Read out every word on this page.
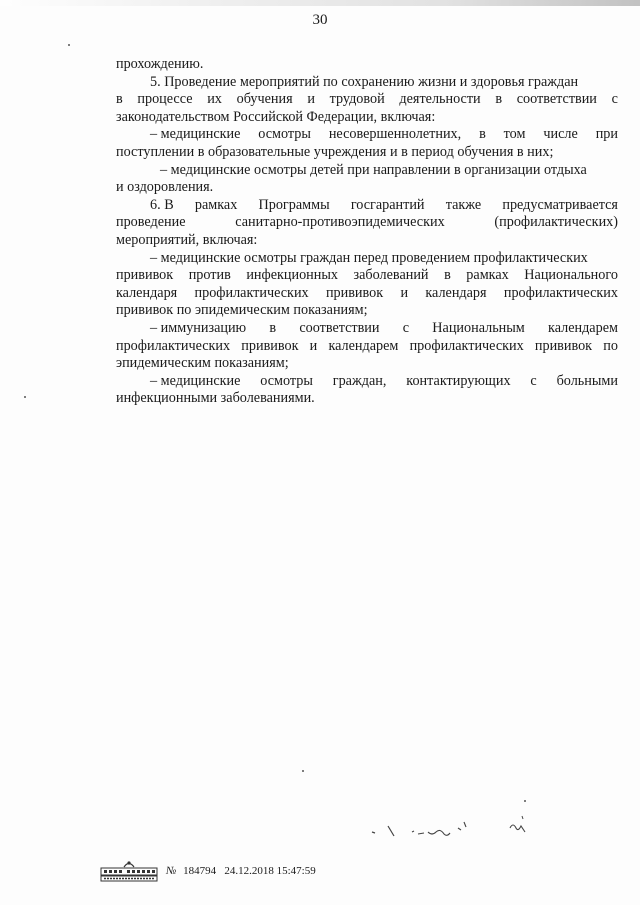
30
прохождению.
5. Проведение мероприятий по сохранению жизни и здоровья граждан
в процессе их обучения и трудовой деятельности в соответствии с
законодательством Российской Федерации, включая:
– медицинские осмотры несовершеннолетних, в том числе при
поступлении в образовательные учреждения и в период обучения в них;
– медицинские осмотры детей при направлении в организации отдыха
и оздоровления.
6. В рамках Программы госгарантий также предусматривается
проведение	санитарно-противоэпидемических	(профилактических)
мероприятий, включая:
– медицинские осмотры граждан перед проведением профилактических
прививок против инфекционных заболеваний в рамках Национального
календаря профилактических прививок и календаря профилактических
прививок по эпидемическим показаниям;
– иммунизацию в соответствии с Национальным календарем
профилактических прививок и календарем профилактических прививок по
эпидемическим показаниям;
– медицинские осмотры граждан, контактирующих с больными
инфекционными заболеваниями.
№ 184794 24.12.2018 15:47:59
